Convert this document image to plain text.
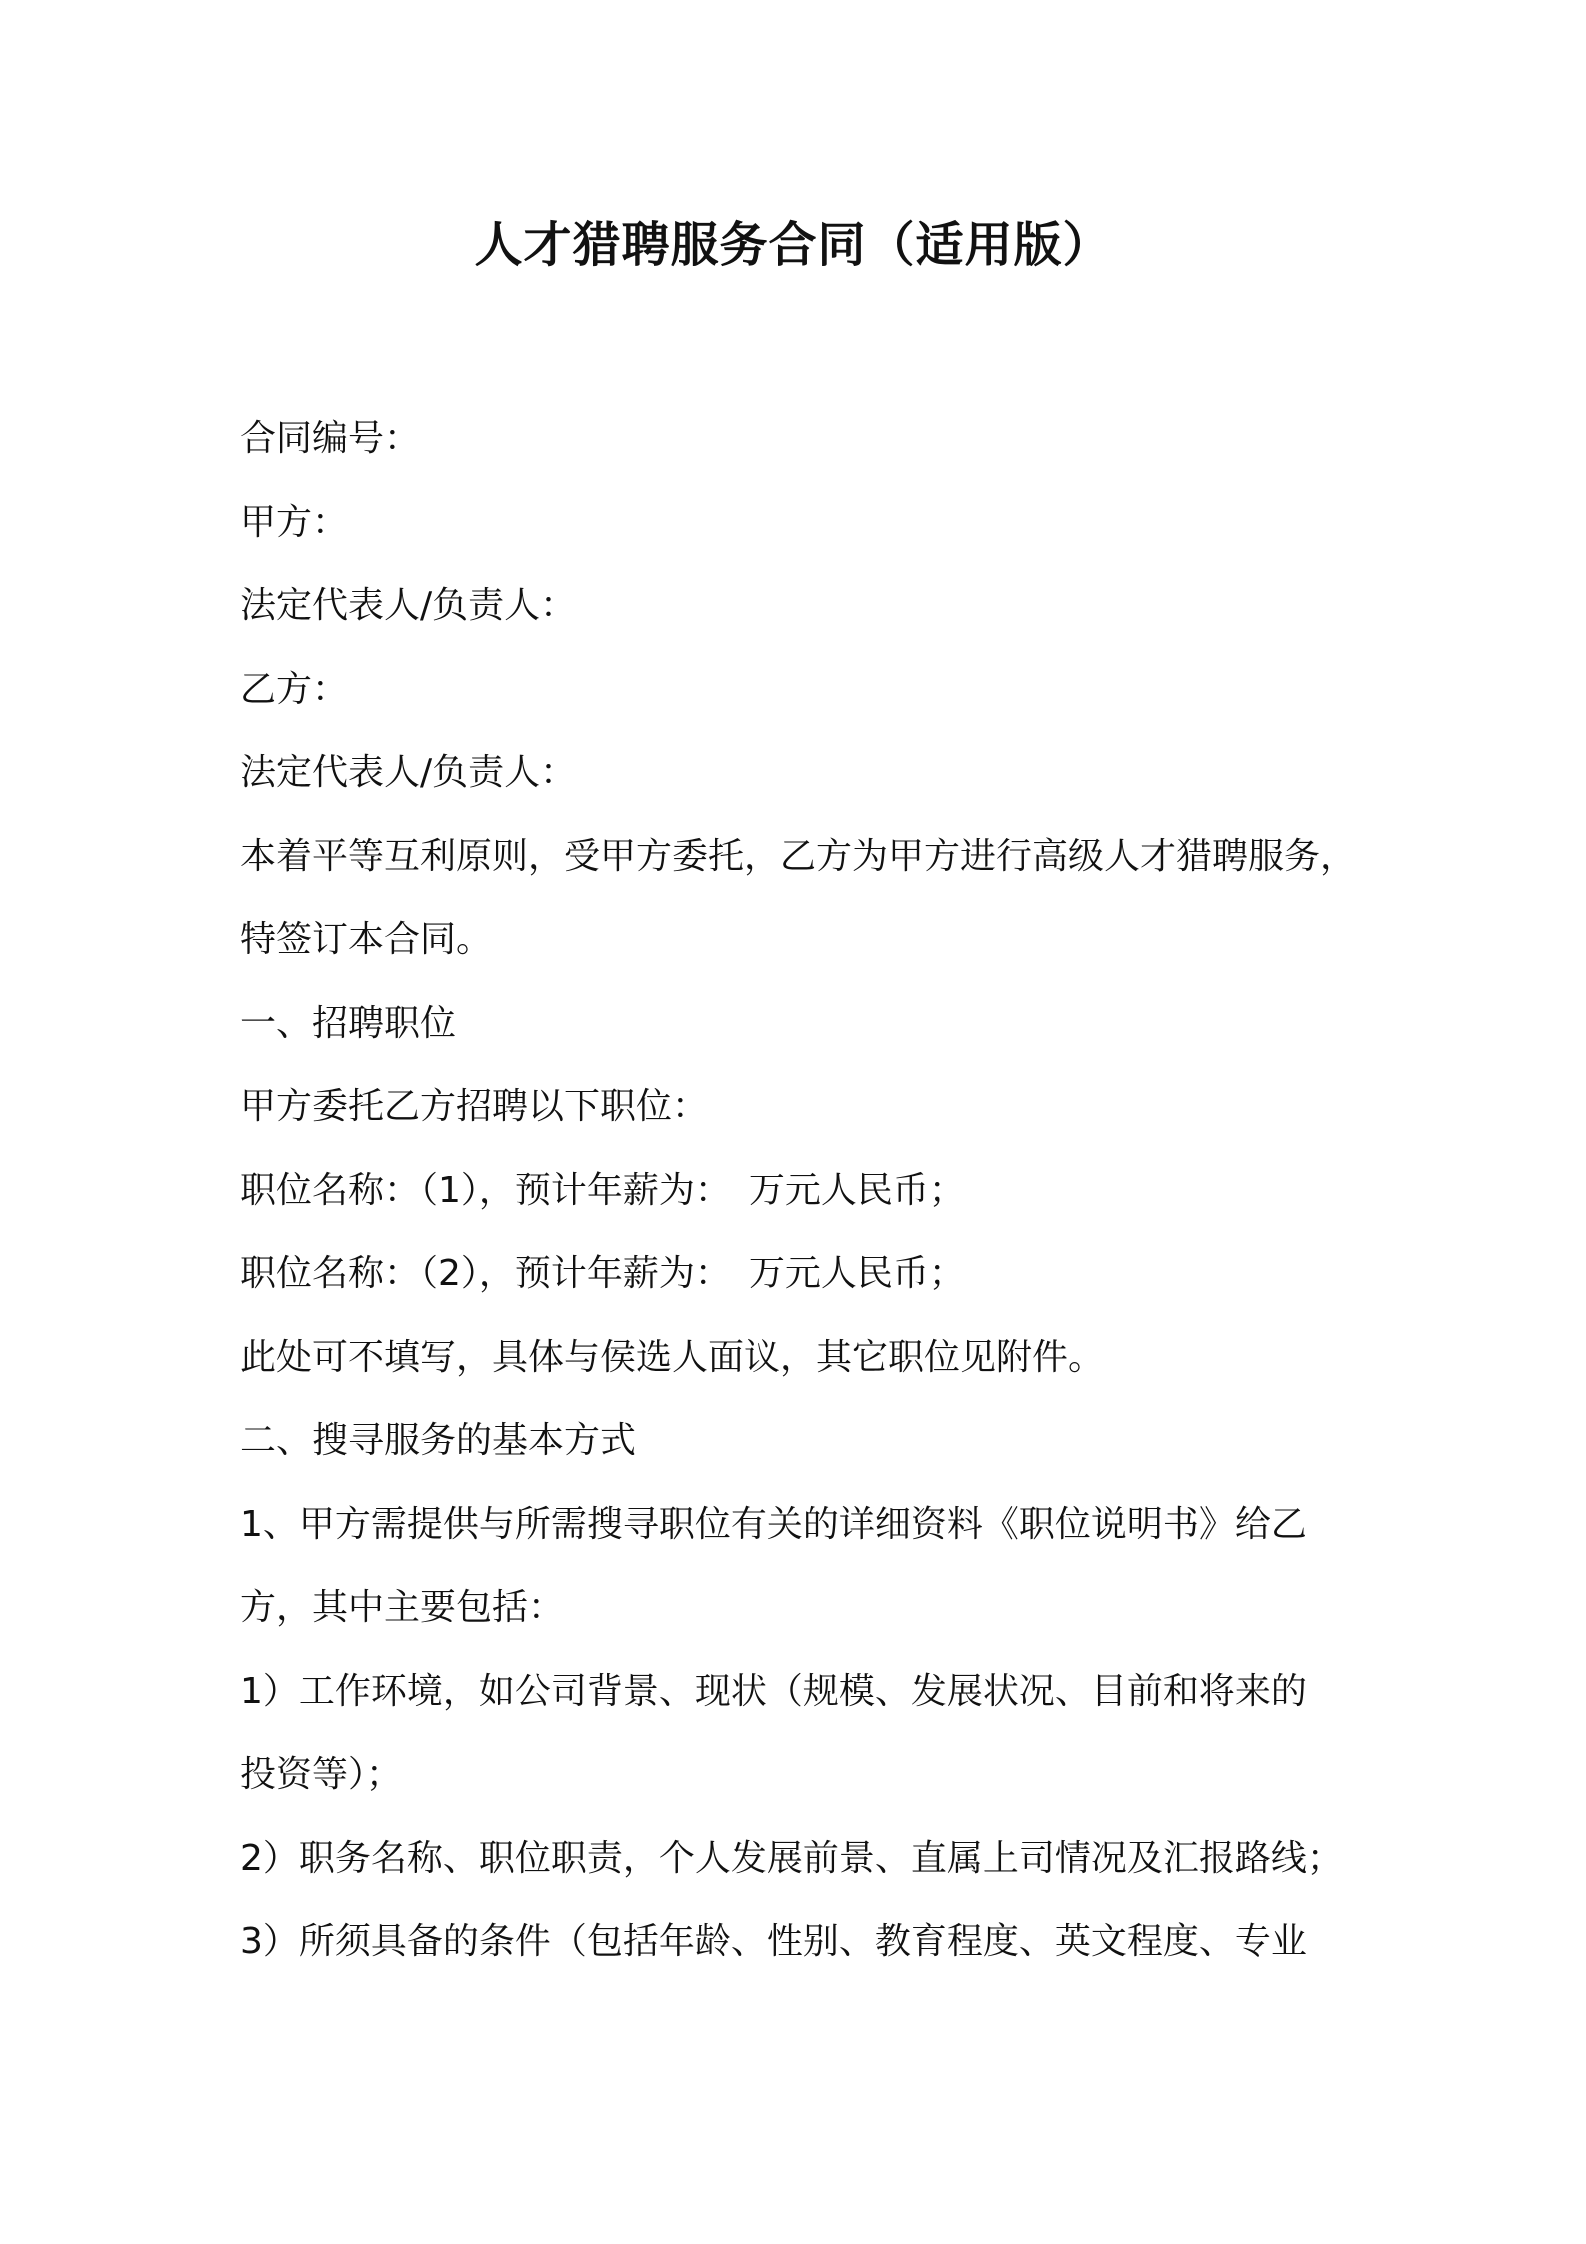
人才猎聘服务合同（适用版）
合同编号：
甲方：
法定代表人/负责人：
乙方：
法定代表人/负责人：
本着平等互利原则，受甲方委托，乙方为甲方进行高级人才猎聘服务，
特签订本合同。
一、招聘职位
甲方委托乙方招聘以下职位：
职位名称：（1），预计年薪为：　万元人民币；
职位名称：（2），预计年薪为：　万元人民币；
此处可不填写，具体与侯选人面议，其它职位见附件。
二、搜寻服务的基本方式
1、甲方需提供与所需搜寻职位有关的详细资料《职位说明书》给乙
方，其中主要包括：
1）工作环境，如公司背景、现状（规模、发展状况、目前和将来的
投资等）；
2）职务名称、职位职责，个人发展前景、直属上司情况及汇报路线；
3）所须具备的条件（包括年龄、性别、教育程度、英文程度、专业
